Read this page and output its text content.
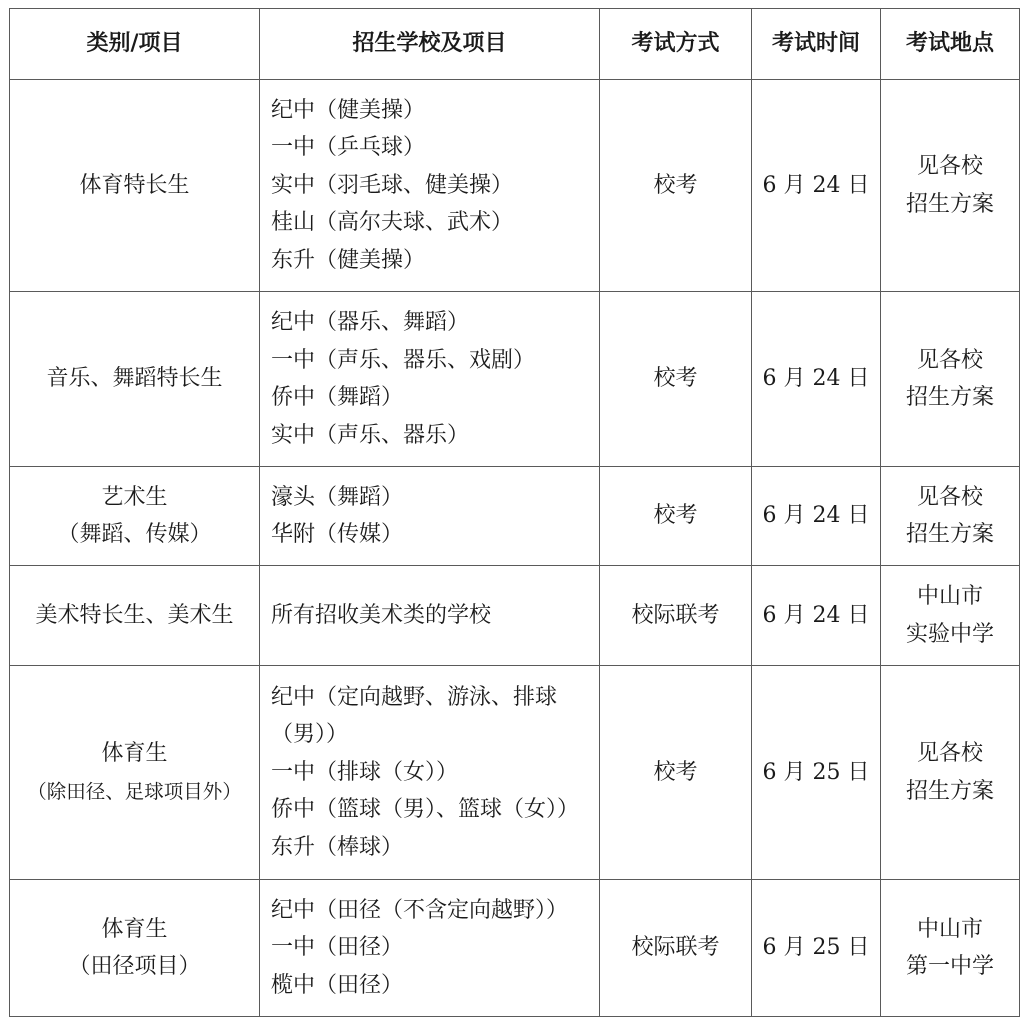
类别/项目	招生学校及项目	考试方式	考试时间	考试地点

体育特长生	纪中（健美操）
一中（乒乓球）
实中（羽毛球、健美操）
桂山（高尔夫球、武术）
东升（健美操）	校考	6 月 24 日	见各校
招生方案

音乐、舞蹈特长生	纪中（器乐、舞蹈）
一中（声乐、器乐、戏剧）
侨中（舞蹈）
实中（声乐、器乐）	校考	6 月 24 日	见各校
招生方案

艺术生
（舞蹈、传媒）	濠头（舞蹈）
华附（传媒）	校考	6 月 24 日	见各校
招生方案

美术特长生、美术生	所有招收美术类的学校	校际联考	6 月 24 日	中山市
实验中学

体育生
（除田径、足球项目外）	纪中（定向越野、游泳、排球
（男））
一中（排球（女））
侨中（篮球（男）、篮球（女））
东升（棒球）	校考	6 月 25 日	见各校
招生方案

体育生
（田径项目）	纪中（田径（不含定向越野））
一中（田径）
榄中（田径）	校际联考	6 月 25 日	中山市
第一中学
